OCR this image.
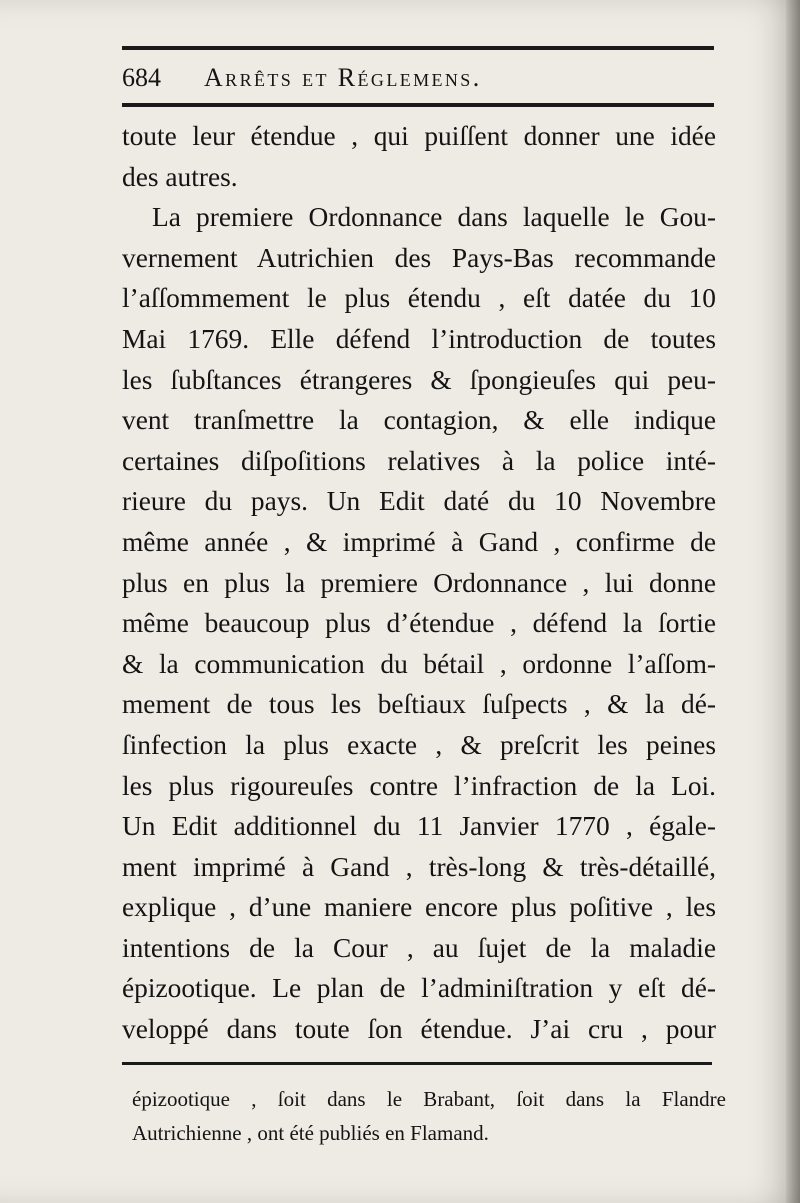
684 Arrêts et Réglemens.
toute leur étendue , qui puiſſent donner une idée
des autres.
La premiere Ordonnance dans laquelle le Gou-
vernement Autrichien des Pays-Bas recommande
l’aſſommement le plus étendu , eſt datée du 10
Mai 1769. Elle défend l’introduction de toutes
les ſubſtances étrangeres & ſpongieuſes qui peu-
vent tranſmettre la contagion, & elle indique
certaines diſpoſitions relatives à la police inté-
rieure du pays. Un Edit daté du 10 Novembre
même année , & imprimé à Gand , confirme de
plus en plus la premiere Ordonnance , lui donne
même beaucoup plus d’étendue , défend la ſortie
& la communication du bétail , ordonne l’aſſom-
mement de tous les beſtiaux ſuſpects , & la dé-
ſinfection la plus exacte , & preſcrit les peines
les plus rigoureuſes contre l’infraction de la Loi.
Un Edit additionnel du 11 Janvier 1770 , égale-
ment imprimé à Gand , très-long & très-détaillé,
explique , d’une maniere encore plus poſitive , les
intentions de la Cour , au ſujet de la maladie
épizootique. Le plan de l’adminiſtration y eſt dé-
veloppé dans toute ſon étendue. J’ai cru , pour
épizootique , ſoit dans le Brabant, ſoit dans la Flandre
Autrichienne , ont été publiés en Flamand.
